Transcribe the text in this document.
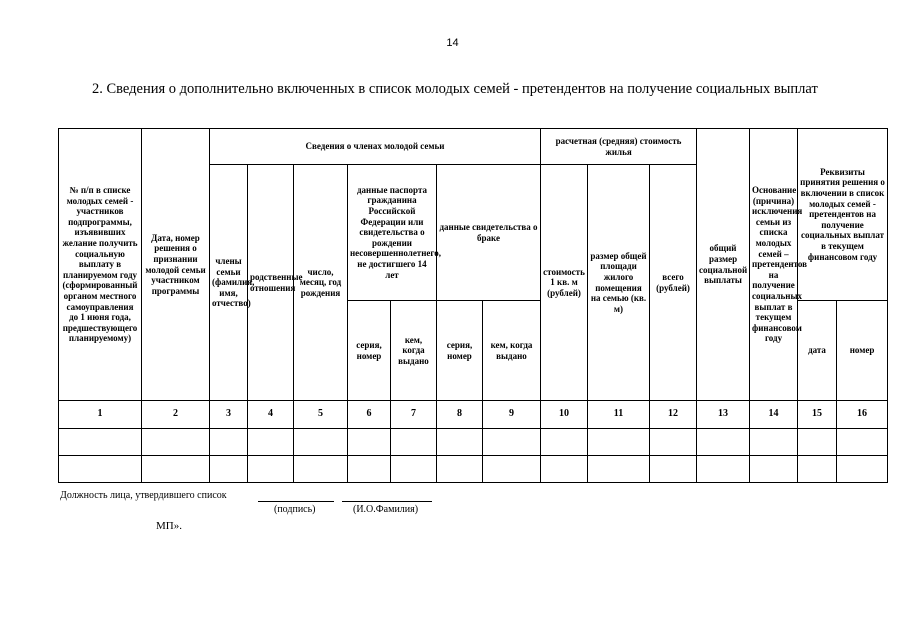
14
2. Сведения о дополнительно включенных в список молодых семей - претендентов на получение социальных выплат
№ п/п в списке молодых семей - участников подпрограммы, изъявивших желание получить социальную выплату в планируемом году (сформированный органом местного самоуправления до 1 июня года, предшествующего планируемому)	Дата, номер решения о признании молодой семьи участником программы	Сведения о членах молодой семьи							расчетная (средняя) стоимость жилья			общий размер социальной выплаты	Основание (причина) исключения семьи из списка молодых семей – претендентов на получение социальных выплат в текущем финансовом году	Реквизиты принятия решения о включении в список молодых семей - претендентов на получение социальных выплат в текущем финансовом году	
		члены семьи (фамилия, имя, отчество)	родственные отношения	число, месяц, год рождения	данные паспорта гражданина Российской Федерации или свидетельства о рождении несовершеннолетнего, не достигшего 14 лет		данные свидетельства о браке		стоимость 1 кв. м (рублей)	размер общей площади жилого помещения на семью (кв. м)	всего (рублей)				
					серия, номер	кем, когда выдано	серия, номер	кем, когда выдано						дата	номер
1	2	3	4	5	6	7	8	9	10	11	12	13	14	15	16

Должность лица, утвердившего список
(подпись)	(И.О.Фамилия)
МП».
